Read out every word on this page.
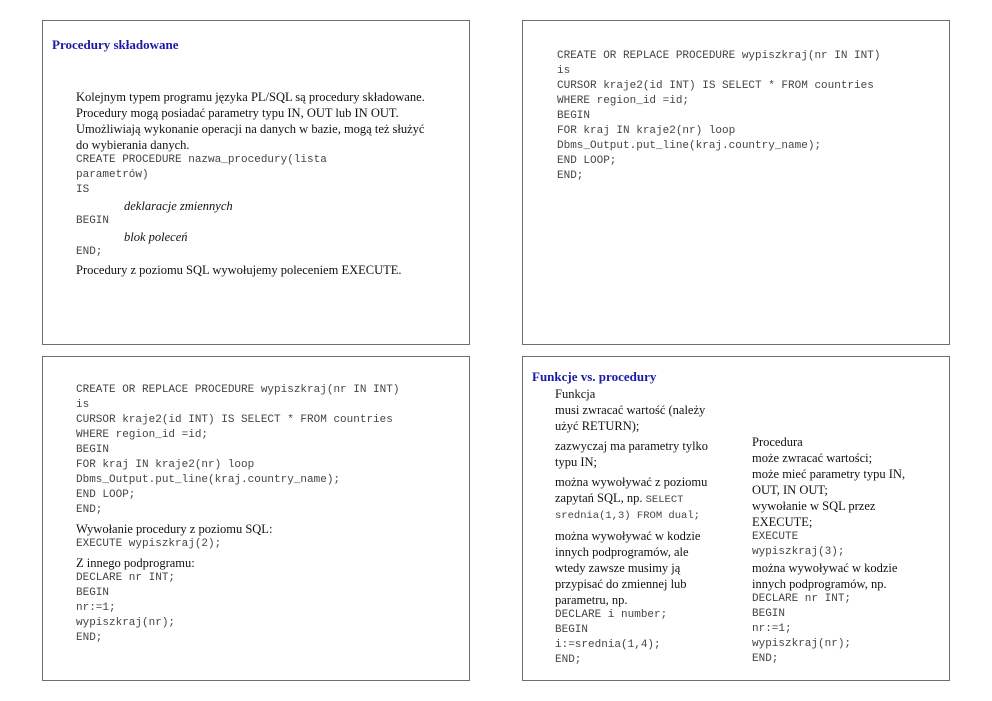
Procedury składowane
Kolejnym typem programu języka PL/SQL są procedury składowane.
Procedury mogą posiadać parametry typu IN, OUT lub IN OUT.
Umożliwiają wykonanie operacji na danych w bazie, mogą też służyć
do wybierania danych.
CREATE PROCEDURE nazwa_procedury(lista
parametrów)
IS
deklaracje zmiennych
BEGIN
blok poleceń
END;
Procedury z poziomu SQL wywołujemy poleceniem EXECUTE.
CREATE OR REPLACE PROCEDURE wypiszkraj(nr IN INT)
is
CURSOR kraje2(id INT) IS SELECT * FROM countries
WHERE region_id =id;
BEGIN
FOR kraj IN kraje2(nr) loop
Dbms_Output.put_line(kraj.country_name);
END LOOP;
END;
CREATE OR REPLACE PROCEDURE wypiszkraj(nr IN INT)
is
CURSOR kraje2(id INT) IS SELECT * FROM countries
WHERE region_id =id;
BEGIN
FOR kraj IN kraje2(nr) loop
Dbms_Output.put_line(kraj.country_name);
END LOOP;
END;
Wywołanie procedury z poziomu SQL:
EXECUTE wypiszkraj(2);
Z innego podprogramu:
DECLARE nr INT;
BEGIN
nr:=1;
wypiszkraj(nr);
END;
Funkcje vs. procedury
Funkcja
musi zwracać wartość (należy
użyć RETURN);
zazwyczaj ma parametry tylko
typu IN;
można wywoływać z poziomu
zapytań SQL, np. SELECT
srednia(1,3) FROM dual;
można wywoływać w kodzie
innych podprogramów, ale
wtedy zawsze musimy ją
przypisać do zmiennej lub
parametru, np.
DECLARE i number;
BEGIN
i:=srednia(1,4);
END;
Procedura
może zwracać wartości;
może mieć parametry typu IN,
OUT, IN OUT;
wywołanie w SQL przez
EXECUTE;
EXECUTE
wypiszkraj(3);
można wywoływać w kodzie
innych podprogramów, np.
DECLARE nr INT;
BEGIN
nr:=1;
wypiszkraj(nr);
END;
